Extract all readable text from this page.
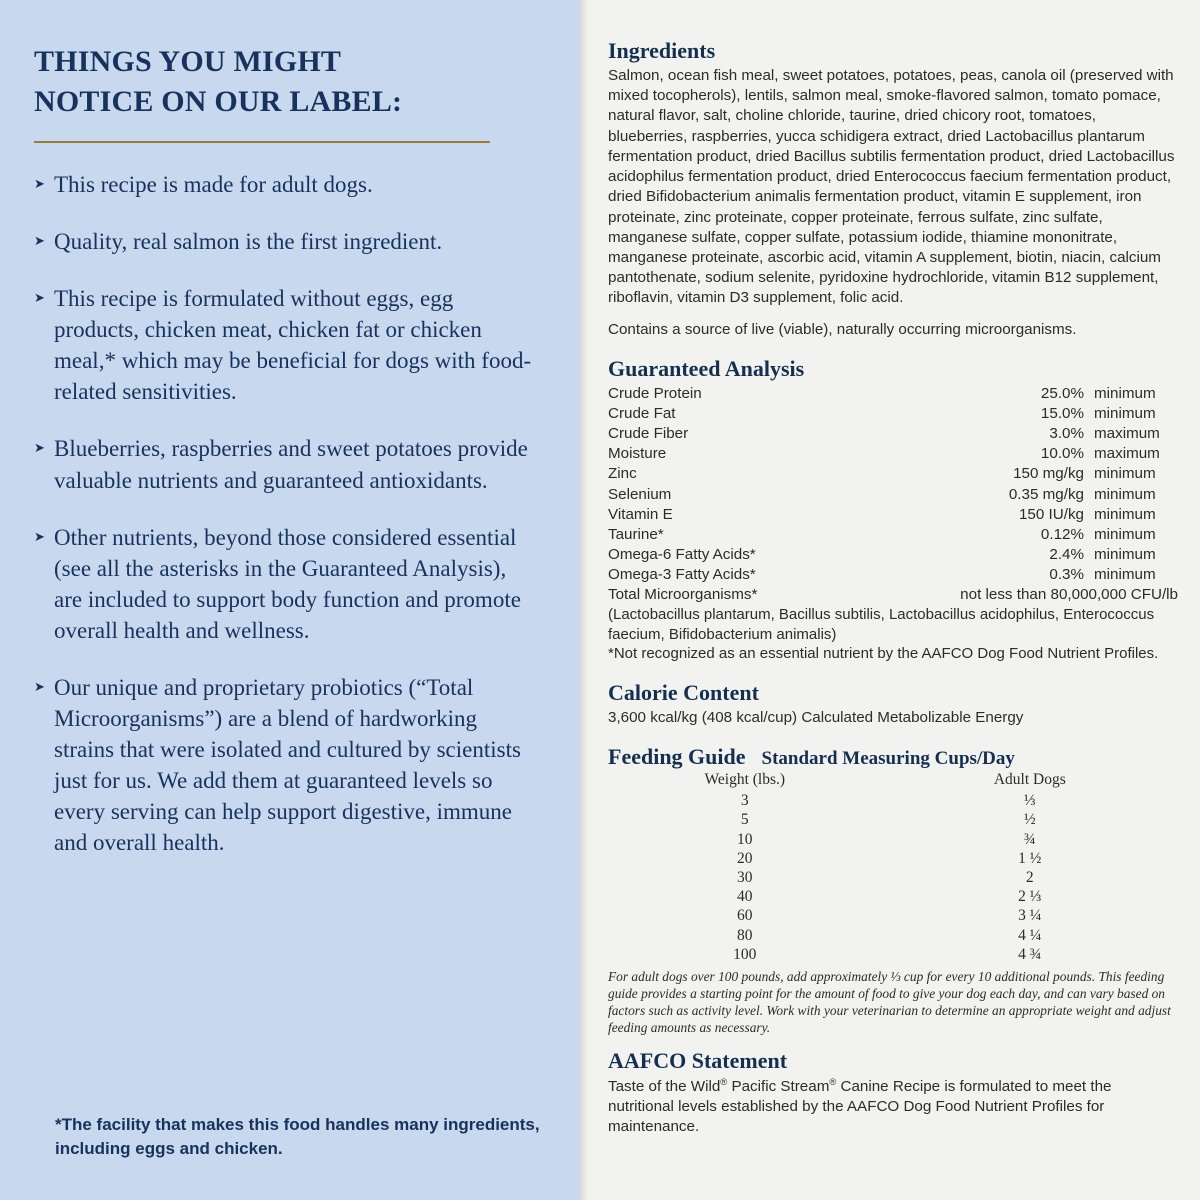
THINGS YOU MIGHT
NOTICE ON OUR LABEL:
➤ This recipe is made for adult dogs.
➤ Quality, real salmon is the first ingredient.
➤ This recipe is formulated without eggs, egg products, chicken meat, chicken fat or chicken meal,* which may be beneficial for dogs with food-related sensitivities.
➤ Blueberries, raspberries and sweet potatoes provide valuable nutrients and guaranteed antioxidants.
➤ Other nutrients, beyond those considered essential (see all the asterisks in the Guaranteed Analysis), are included to support body function and promote overall health and wellness.
➤ Our unique and proprietary probiotics (“Total Microorganisms”) are a blend of hardworking strains that were isolated and cultured by scientists just for us. We add them at guaranteed levels so every serving can help support digestive, immune and overall health.
*The facility that makes this food handles many ingredients, including eggs and chicken.
Ingredients

Salmon, ocean fish meal, sweet potatoes, potatoes, peas, canola oil (preserved with mixed tocopherols), lentils, salmon meal, smoke-flavored salmon, tomato pomace, natural flavor, salt, choline chloride, taurine, dried chicory root, tomatoes, blueberries, raspberries, yucca schidigera extract, dried Lactobacillus plantarum fermentation product, dried Bacillus subtilis fermentation product, dried Lactobacillus acidophilus fermentation product, dried Enterococcus faecium fermentation product, dried Bifidobacterium animalis fermentation product, vitamin E supplement, iron proteinate, zinc proteinate, copper proteinate, ferrous sulfate, zinc sulfate, manganese sulfate, copper sulfate, potassium iodide, thiamine mononitrate, manganese proteinate, ascorbic acid, vitamin A supplement, biotin, niacin, calcium pantothenate, sodium selenite, pyridoxine hydrochloride, vitamin B12 supplement, riboflavin, vitamin D3 supplement, folic acid.

Contains a source of live (viable), naturally occurring microorganisms.

Guaranteed Analysis
Crude Protein	25.0%	minimum
Crude Fat	15.0%	minimum
Crude Fiber	3.0%	maximum
Moisture	10.0%	maximum
Zinc	150 mg/kg	minimum
Selenium	0.35 mg/kg	minimum
Vitamin E	150 IU/kg	minimum
Taurine*	0.12%	minimum
Omega-6 Fatty Acids*	2.4%	minimum
Omega-3 Fatty Acids*	0.3%	minimum
Total Microorganisms*	not less than 80,000,000 CFU/lb	

(Lactobacillus plantarum, Bacillus subtilis, Lactobacillus acidophilus, Enterococcus faecium, Bifidobacterium animalis)

*Not recognized as an essential nutrient by the AAFCO Dog Food Nutrient Profiles.

Calorie Content

3,600 kcal/kg (408 kcal/cup) Calculated Metabolizable Energy

Feeding Guide Standard Measuring Cups/Day
Weight (lbs.)	Adult Dogs
3	⅓
5	½
10	¾
20	1 ½
30	2
40	2 ⅓
60	3 ¼
80	4 ¼
100	4 ¾

For adult dogs over 100 pounds, add approximately ⅓ cup for every 10 additional pounds. This feeding guide provides a starting point for the amount of food to give your dog each day, and can vary based on factors such as activity level. Work with your veterinarian to determine an appropriate weight and adjust feeding amounts as necessary.

AAFCO Statement

Taste of the Wild® Pacific Stream® Canine Recipe is formulated to meet the nutritional levels established by the AAFCO Dog Food Nutrient Profiles for maintenance.
